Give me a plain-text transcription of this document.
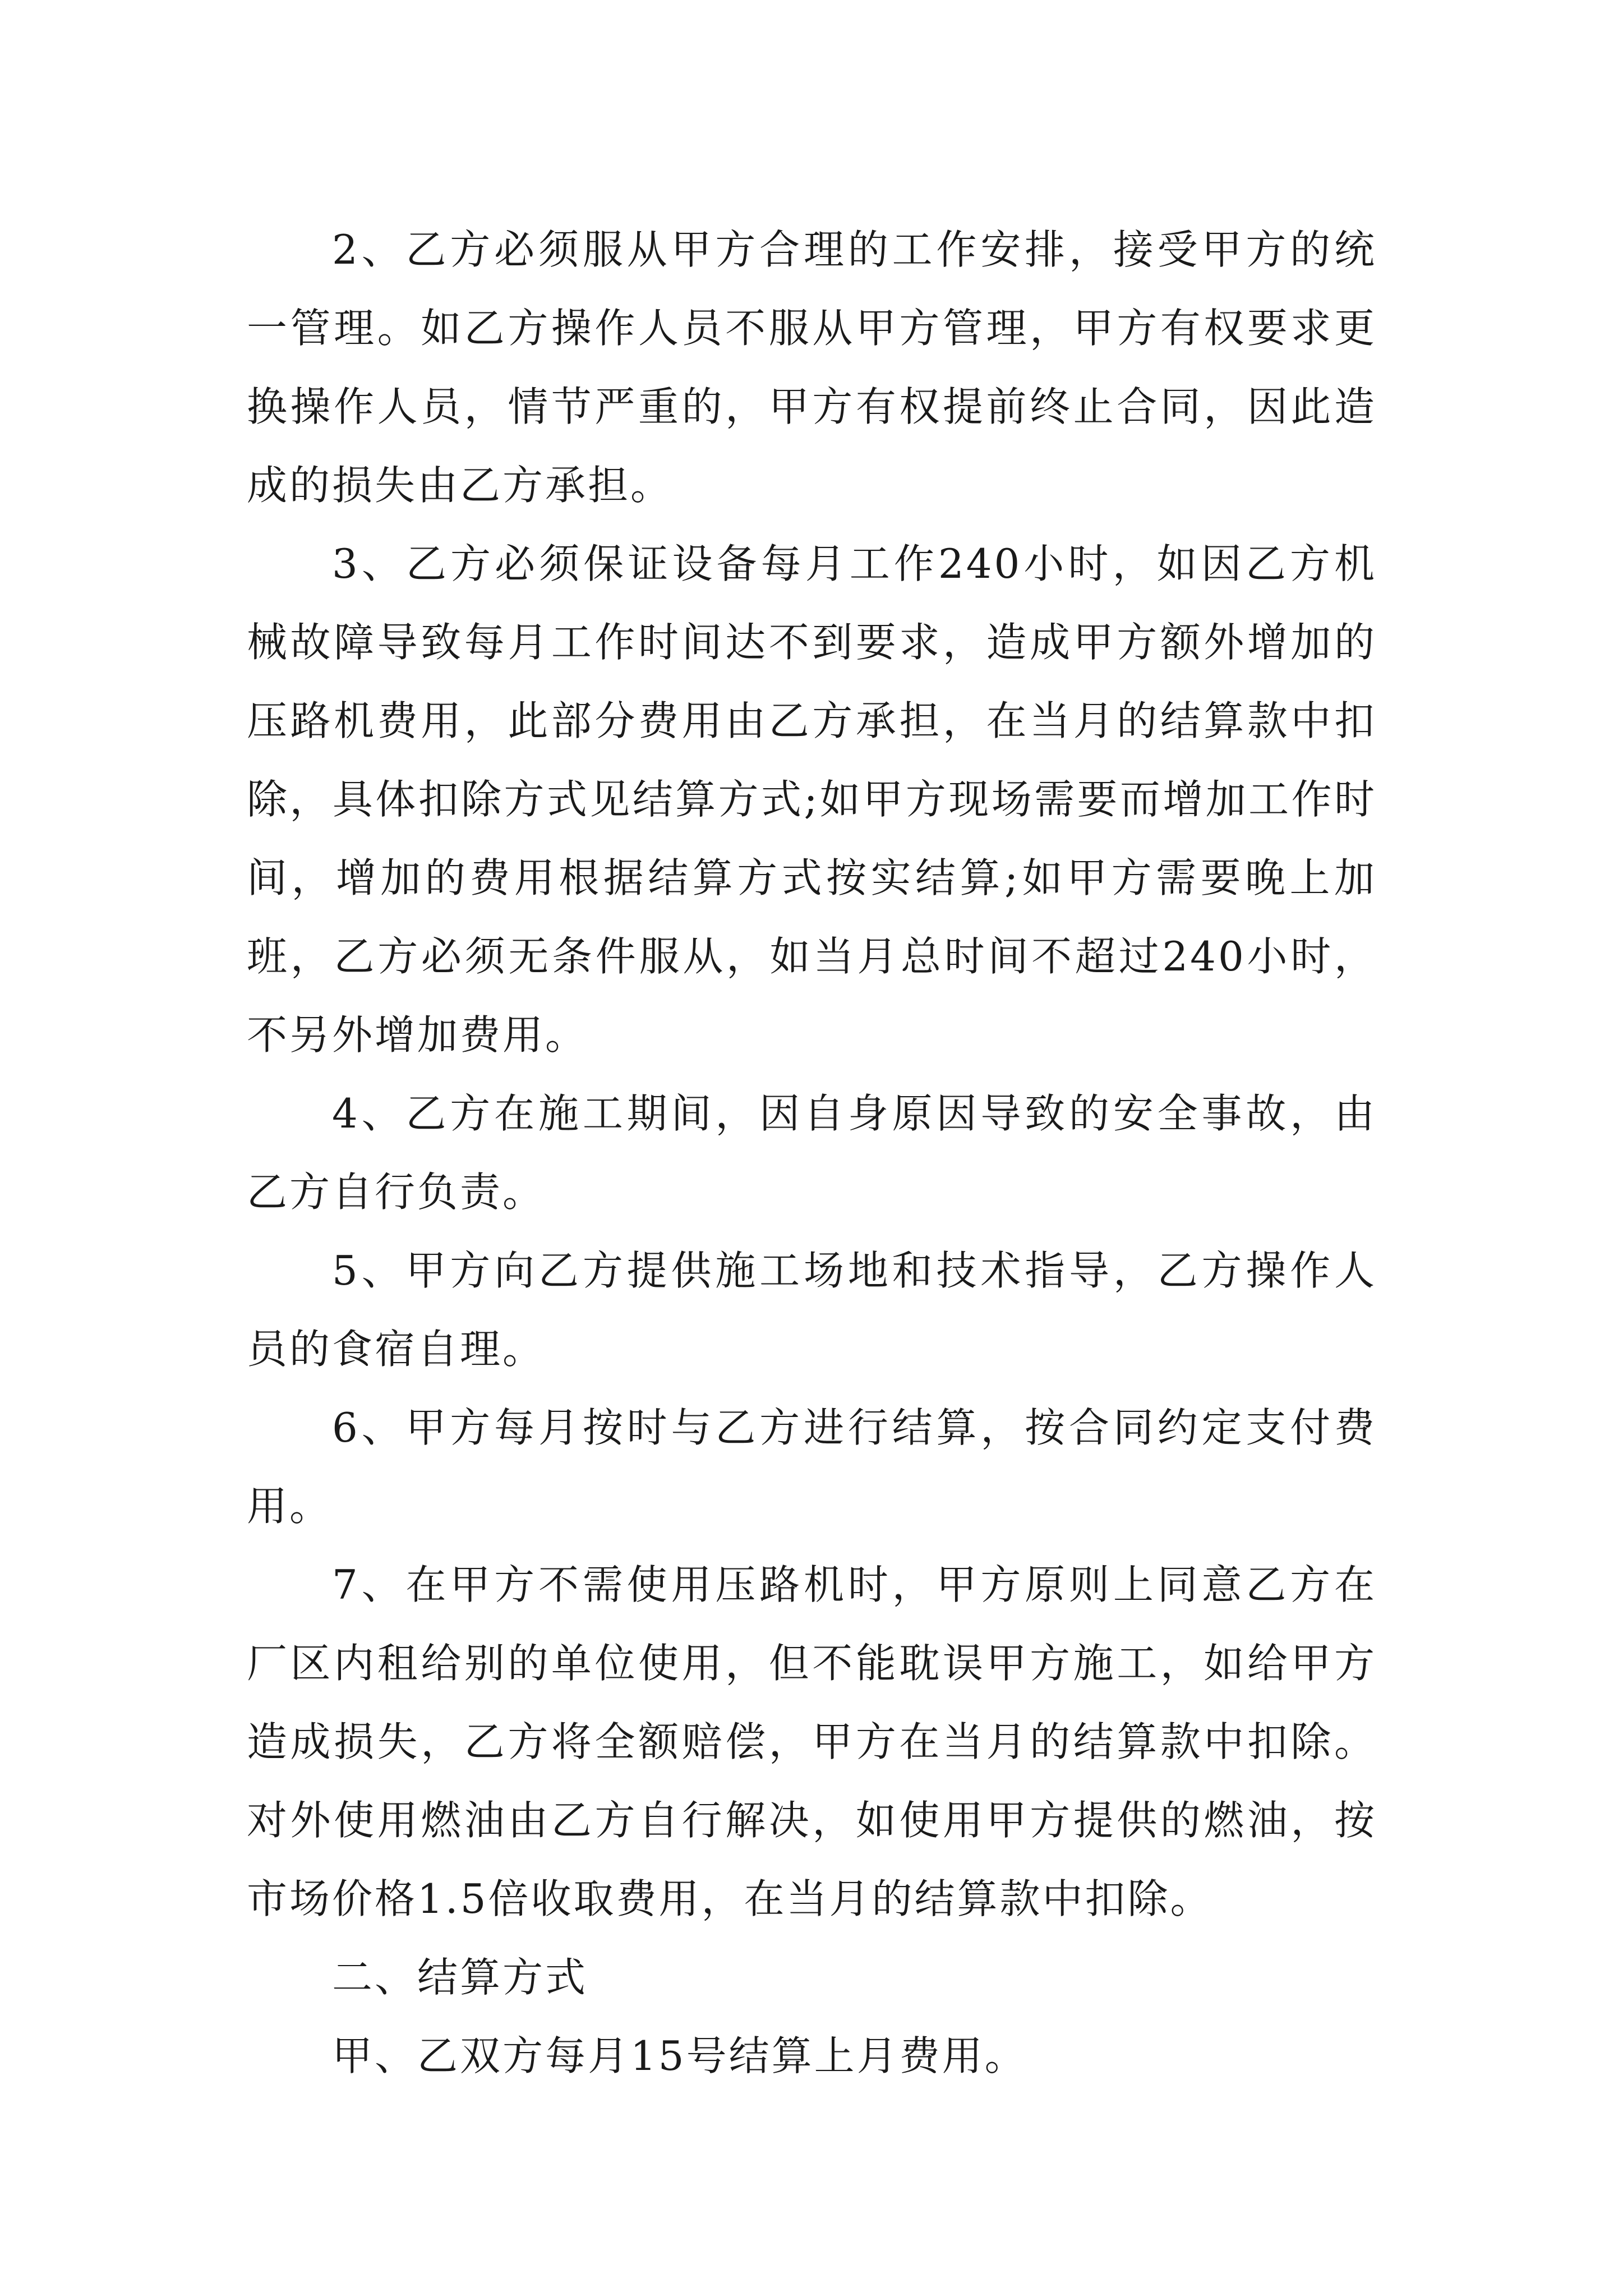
2、乙方必须服从甲方合理的工作安排，接受甲方的统一管理。如乙方操作人员不服从甲方管理，甲方有权要求更换操作人员，情节严重的，甲方有权提前终止合同，因此造成的损失由乙方承担。

3、乙方必须保证设备每月工作240小时，如因乙方机械故障导致每月工作时间达不到要求，造成甲方额外增加的压路机费用，此部分费用由乙方承担，在当月的结算款中扣除，具体扣除方式见结算方式;如甲方现场需要而增加工作时间，增加的费用根据结算方式按实结算;如甲方需要晚上加班，乙方必须无条件服从，如当月总时间不超过240小时，不另外增加费用。

4、乙方在施工期间，因自身原因导致的安全事故，由乙方自行负责。

5、甲方向乙方提供施工场地和技术指导，乙方操作人员的食宿自理。

6、甲方每月按时与乙方进行结算，按合同约定支付费用。

7、在甲方不需使用压路机时，甲方原则上同意乙方在厂区内租给别的单位使用，但不能耽误甲方施工，如给甲方造成损失，乙方将全额赔偿，甲方在当月的结算款中扣除。对外使用燃油由乙方自行解决，如使用甲方提供的燃油，按市场价格1.5倍收取费用，在当月的结算款中扣除。

二、结算方式

甲、乙双方每月15号结算上月费用。
